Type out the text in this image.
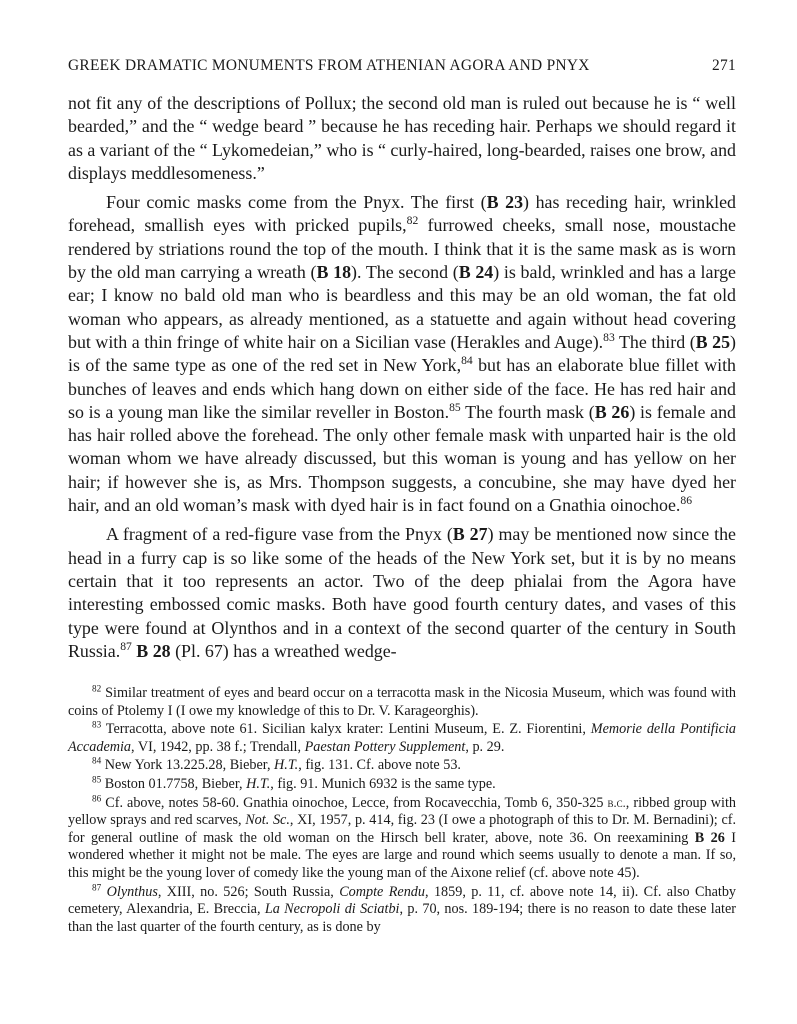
GREEK DRAMATIC MONUMENTS FROM ATHENIAN AGORA AND PNYX	271

not fit any of the descriptions of Pollux; the second old man is ruled out because he is “ well bearded,” and the “ wedge beard ” because he has receding hair. Perhaps we should regard it as a variant of the “ Lykomedeian,” who is “ curly-haired, long-bearded, raises one brow, and displays meddlesomeness.”

Four comic masks come from the Pnyx. The first (B 23) has receding hair, wrinkled forehead, smallish eyes with pricked pupils,$^{82}$ furrowed cheeks, small nose, moustache rendered by striations round the top of the mouth. I think that it is the same mask as is worn by the old man carrying a wreath (B 18). The second (B 24) is bald, wrinkled and has a large ear; I know no bald old man who is beardless and this may be an old woman, the fat old woman who appears, as already mentioned, as a statuette and again without head covering but with a thin fringe of white hair on a Sicilian vase (Herakles and Auge).$^{83}$ The third (B 25) is of the same type as one of the red set in New York,$^{84}$ but has an elaborate blue fillet with bunches of leaves and ends which hang down on either side of the face. He has red hair and so is a young man like the similar reveller in Boston.$^{85}$ The fourth mask (B 26) is female and has hair rolled above the forehead. The only other female mask with unparted hair is the old woman whom we have already discussed, but this woman is young and has yellow on her hair; if however she is, as Mrs. Thompson suggests, a concubine, she may have dyed her hair, and an old woman’s mask with dyed hair is in fact found on a Gnathia oinochoe.$^{86}$

A fragment of a red-figure vase from the Pnyx (B 27) may be mentioned now since the head in a furry cap is so like some of the heads of the New York set, but it is by no means certain that it too represents an actor. Two of the deep phialai from the Agora have interesting embossed comic masks. Both have good fourth century dates, and vases of this type were found at Olynthos and in a context of the second quarter of the century in South Russia.$^{87}$ B 28 (Pl. 67) has a wreathed wedge-

$^{82}$ Similar treatment of eyes and beard occur on a terracotta mask in the Nicosia Museum, which was found with coins of Ptolemy I (I owe my knowledge of this to Dr. V. Karageorghis).

$^{83}$ Terracotta, above note 61. Sicilian kalyx krater: Lentini Museum, E. Z. Fiorentini, Memorie della Pontificia Accademia, VI, 1942, pp. 38 f.; Trendall, Paestan Pottery Supplement, p. 29.

$^{84}$ New York 13.225.28, Bieber, H.T., fig. 131. Cf. above note 53.

$^{85}$ Boston 01.7758, Bieber, H.T., fig. 91. Munich 6932 is the same type.

$^{86}$ Cf. above, notes 58-60. Gnathia oinochoe, Lecce, from Rocavecchia, Tomb 6, 350-325 b.c., ribbed group with yellow sprays and red scarves, Not. Sc., XI, 1957, p. 414, fig. 23 (I owe a photograph of this to Dr. M. Bernadini); cf. for general outline of mask the old woman on the Hirsch bell krater, above, note 36. On reexamining B 26 I wondered whether it might not be male. The eyes are large and round which seems usually to denote a man. If so, this might be the young lover of comedy like the young man of the Aixone relief (cf. above note 45).

$^{87}$ Olynthus, XIII, no. 526; South Russia, Compte Rendu, 1859, p. 11, cf. above note 14, ii). Cf. also Chatby cemetery, Alexandria, E. Breccia, La Necropoli di Sciatbi, p. 70, nos. 189-194; there is no reason to date these later than the last quarter of the fourth century, as is done by
